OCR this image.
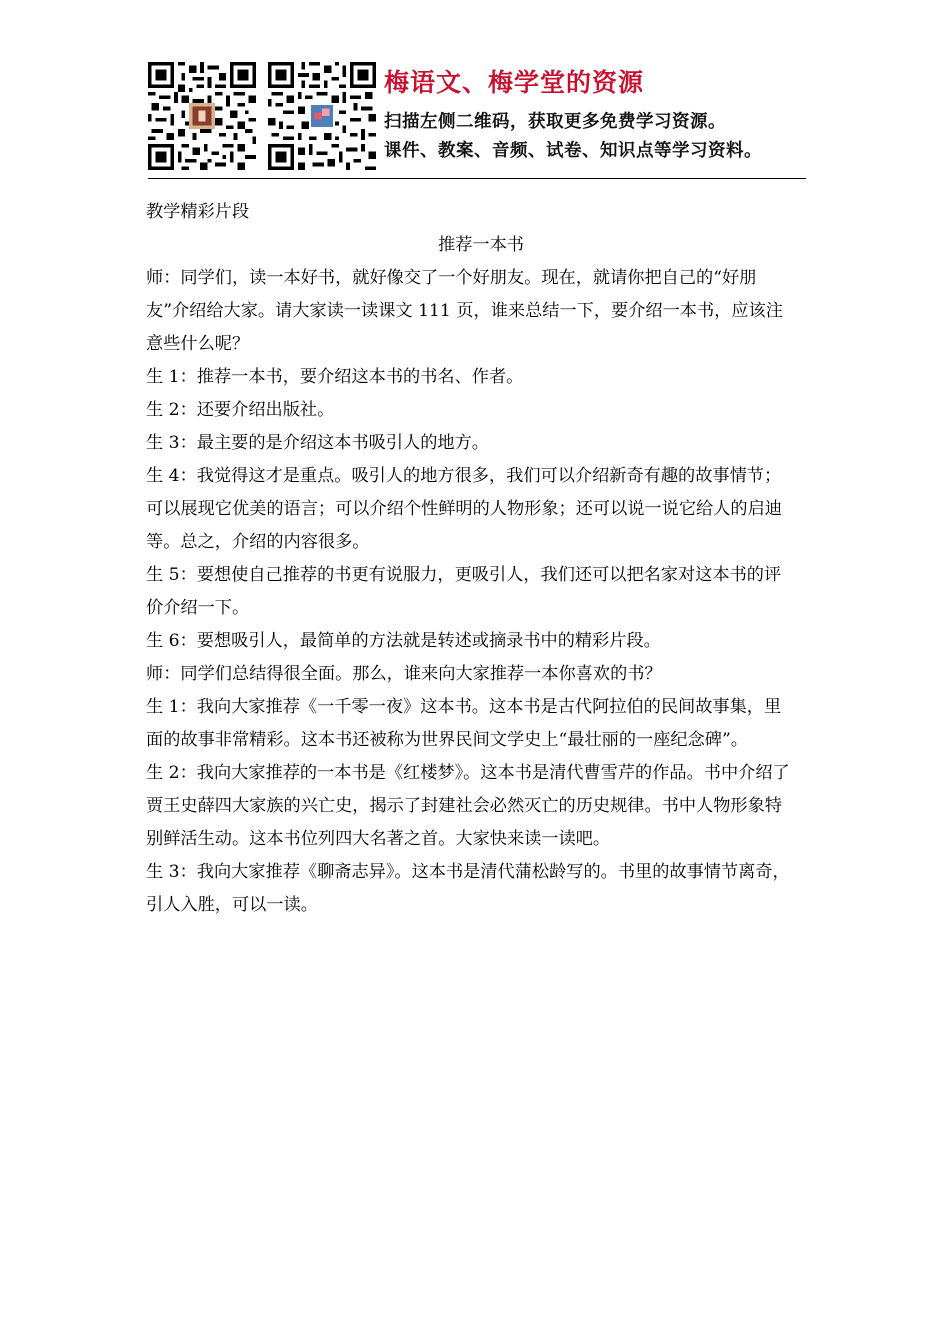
梅语文、梅学堂的资源
扫描左侧二维码，获取更多免费学习资源。
课件、教案、音频、试卷、知识点等学习资料。

教学精彩片段

推荐一本书

师：同学们，读一本好书，就好像交了一个好朋友。现在，就请你把自己的“好朋友”介绍给大家。请大家读一读课文 111 页，谁来总结一下，要介绍一本书，应该注意些什么呢？

生 1：推荐一本书，要介绍这本书的书名、作者。

生 2：还要介绍出版社。

生 3：最主要的是介绍这本书吸引人的地方。

生 4：我觉得这才是重点。吸引人的地方很多，我们可以介绍新奇有趣的故事情节；可以展现它优美的语言；可以介绍个性鲜明的人物形象；还可以说一说它给人的启迪等。总之，介绍的内容很多。

生 5：要想使自己推荐的书更有说服力，更吸引人，我们还可以把名家对这本书的评价介绍一下。

生 6：要想吸引人，最简单的方法就是转述或摘录书中的精彩片段。

师：同学们总结得很全面。那么，谁来向大家推荐一本你喜欢的书？

生 1：我向大家推荐《一千零一夜》这本书。这本书是古代阿拉伯的民间故事集，里面的故事非常精彩。这本书还被称为世界民间文学史上“最壮丽的一座纪念碑”。

生 2：我向大家推荐的一本书是《红楼梦》。这本书是清代曹雪芹的作品。书中介绍了贾王史薛四大家族的兴亡史，揭示了封建社会必然灭亡的历史规律。书中人物形象特别鲜活生动。这本书位列四大名著之首。大家快来读一读吧。

生 3：我向大家推荐《聊斋志异》。这本书是清代蒲松龄写的。书里的故事情节离奇，引人入胜，可以一读。
